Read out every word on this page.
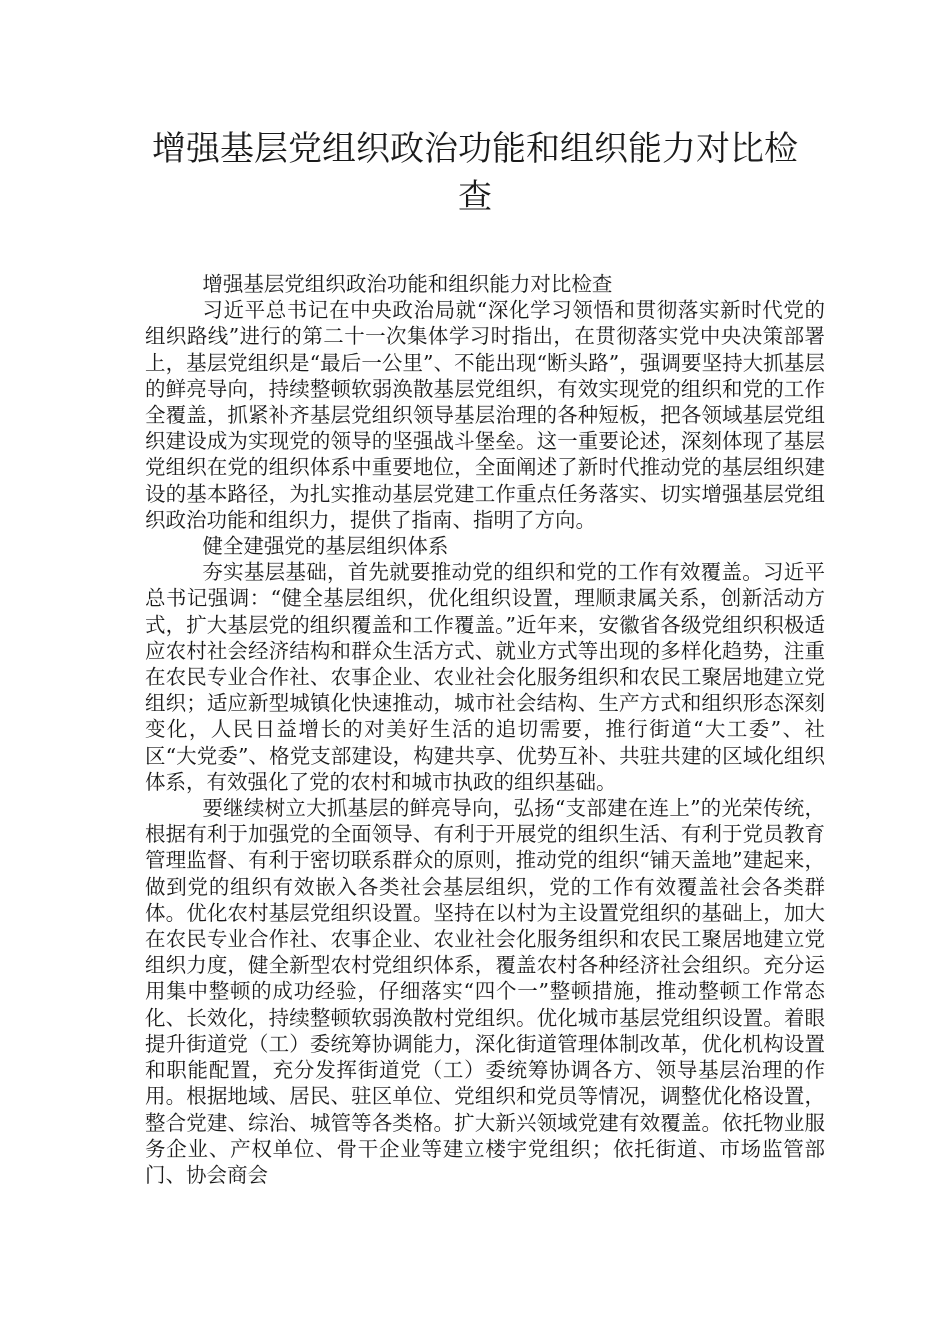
增强基层党组织政治功能和组织能力对比检查

增强基层党组织政治功能和组织能力对比检查

习近平总书记在中央政治局就“深化学习领悟和贯彻落实新时代党的组织路线”进行的第二十一次集体学习时指出，在贯彻落实党中央决策部署上，基层党组织是“最后一公里”、不能出现“断头路”，强调要坚持大抓基层的鲜亮导向，持续整顿软弱涣散基层党组织，有效实现党的组织和党的工作全覆盖，抓紧补齐基层党组织领导基层治理的各种短板，把各领域基层党组织建设成为实现党的领导的坚强战斗堡垒。这一重要论述，深刻体现了基层党组织在党的组织体系中重要地位，全面阐述了新时代推动党的基层组织建设的基本路径，为扎实推动基层党建工作重点任务落实、切实增强基层党组织政治功能和组织力，提供了指南、指明了方向。

健全建强党的基层组织体系

夯实基层基础，首先就要推动党的组织和党的工作有效覆盖。习近平总书记强调：“健全基层组织，优化组织设置，理顺隶属关系，创新活动方式，扩大基层党的组织覆盖和工作覆盖。”近年来，安徽省各级党组织积极适应农村社会经济结构和群众生活方式、就业方式等出现的多样化趋势，注重在农民专业合作社、农事企业、农业社会化服务组织和农民工聚居地建立党组织；适应新型城镇化快速推动，城市社会结构、生产方式和组织形态深刻变化，人民日益增长的对美好生活的追切需要，推行街道“大工委”、社区“大党委”、格党支部建设，构建共享、优势互补、共驻共建的区域化组织体系，有效强化了党的农村和城市执政的组织基础。

要继续树立大抓基层的鲜亮导向，弘扬“支部建在连上”的光荣传统，根据有利于加强党的全面领导、有利于开展党的组织生活、有利于党员教育管理监督、有利于密切联系群众的原则，推动党的组织“铺天盖地”建起来，做到党的组织有效嵌入各类社会基层组织，党的工作有效覆盖社会各类群体。优化农村基层党组织设置。坚持在以村为主设置党组织的基础上，加大在农民专业合作社、农事企业、农业社会化服务组织和农民工聚居地建立党组织力度，健全新型农村党组织体系，覆盖农村各种经济社会组织。充分运用集中整顿的成功经验，仔细落实“四个一”整顿措施，推动整顿工作常态化、长效化，持续整顿软弱涣散村党组织。优化城市基层党组织设置。着眼提升街道党（工）委统筹协调能力，深化街道管理体制改革，优化机构设置和职能配置，充分发挥街道党（工）委统筹协调各方、领导基层治理的作用。根据地域、居民、驻区单位、党组织和党员等情况，调整优化格设置，整合党建、综治、城管等各类格。扩大新兴领域党建有效覆盖。依托物业服务企业、产权单位、骨干企业等建立楼宇党组织；依托街道、市场监管部门、协会商会
